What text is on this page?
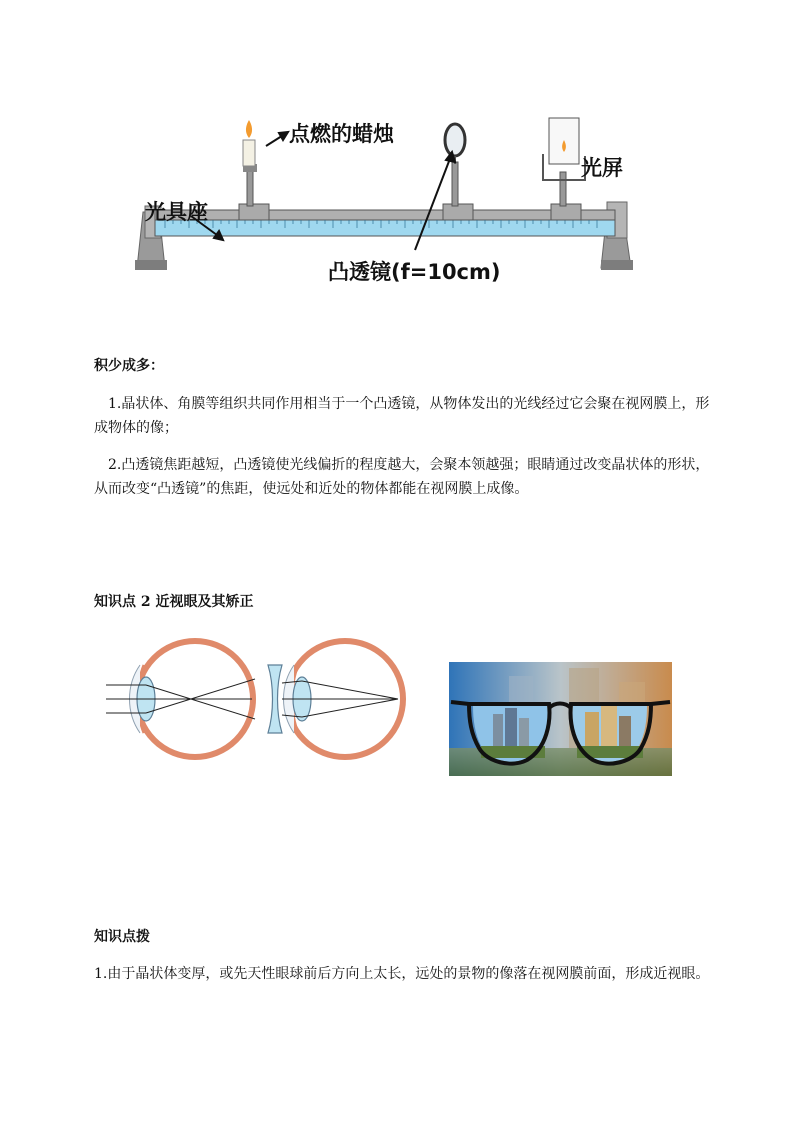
点燃的蜡烛
光屏
光具座
凸透镜(f=10cm)
积少成多：
1.晶状体、角膜等组织共同作用相当于一个凸透镜，从物体发出的光线经过它会聚在视网膜上，形成物体的像；
2.凸透镜焦距越短，凸透镜使光线偏折的程度越大，会聚本领越强；眼睛通过改变晶状体的形状，从而改变“凸透镜”的焦距，使远处和近处的物体都能在视网膜上成像。
知识点 2 近视眼及其矫正
知识点拨
1.由于晶状体变厚，或先天性眼球前后方向上太长，远处的景物的像落在视网膜前面，形成近视眼。
